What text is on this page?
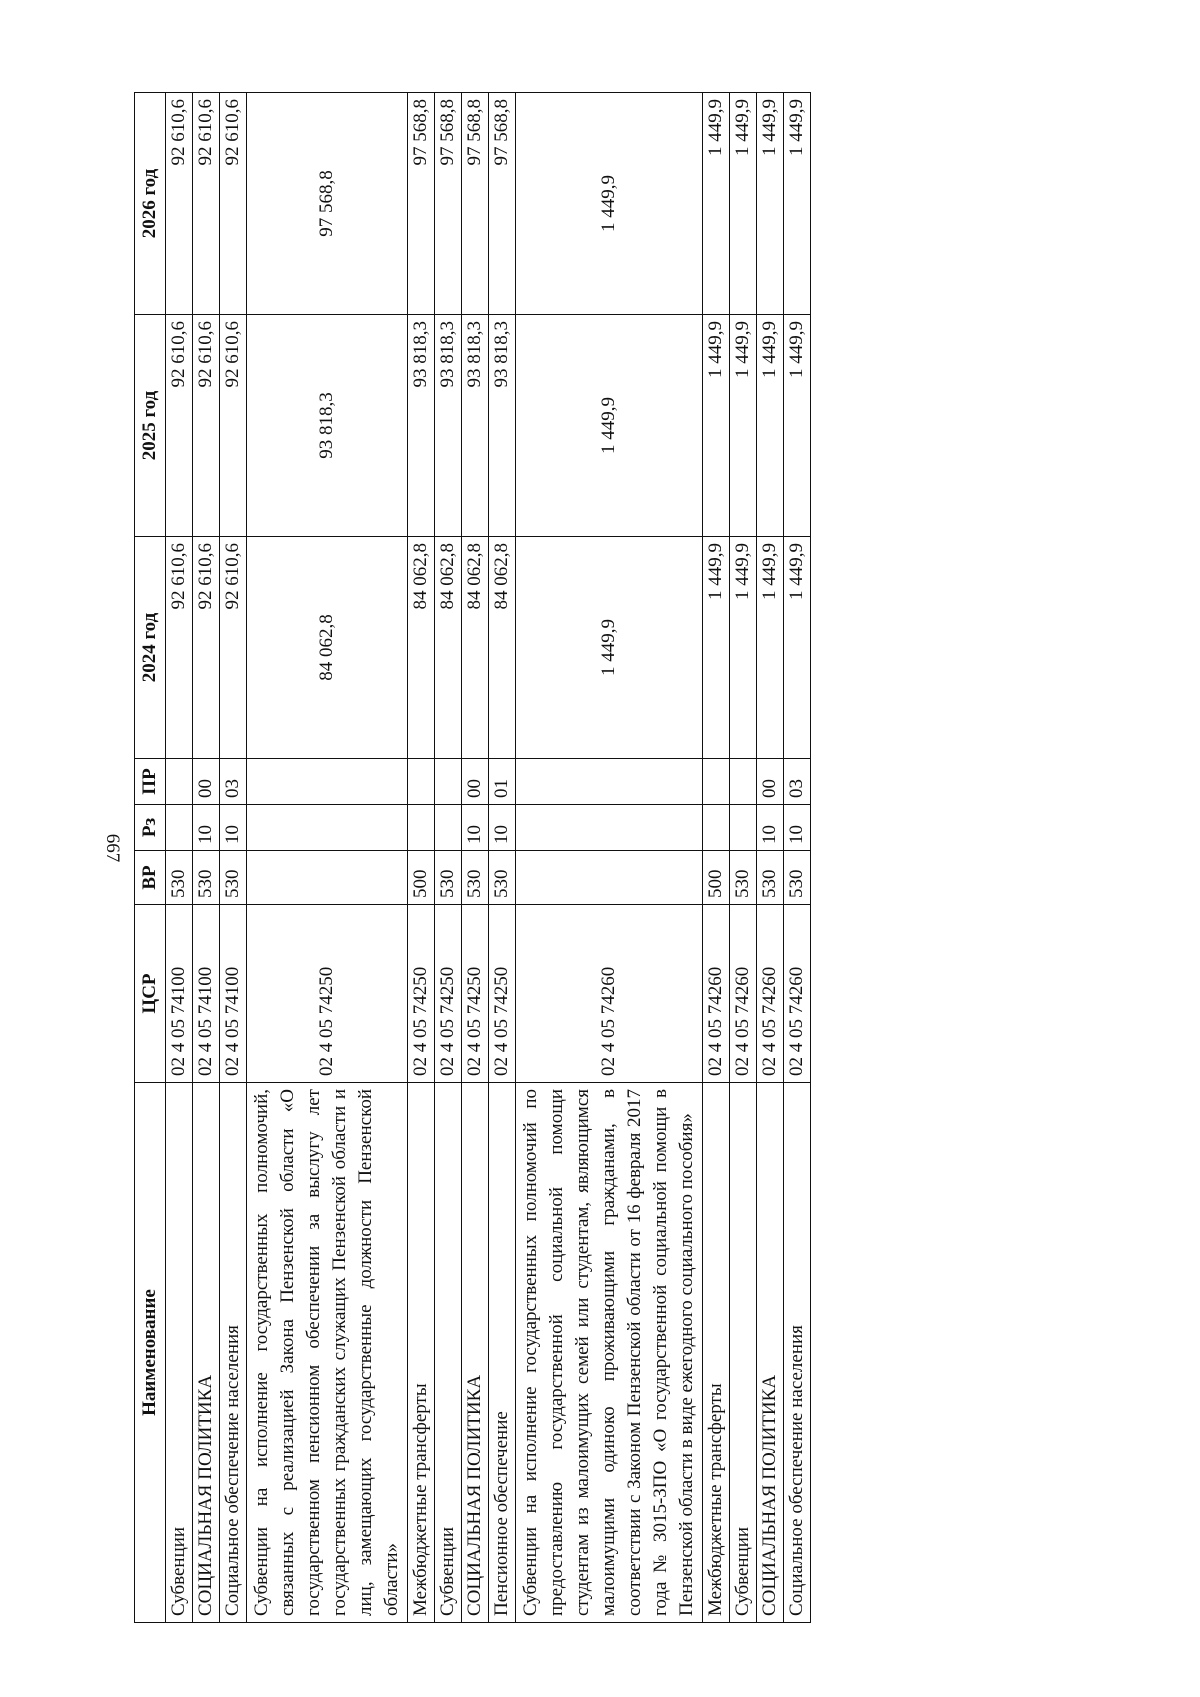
667
Наименование	ЦСР	ВР	Рз	ПР	2024 год	2025 год	2026 год
Субвенции	02 4 05 74100	530			92 610,6	92 610,6	92 610,6
СОЦИАЛЬНАЯ ПОЛИТИКА	02 4 05 74100	530	10	00	92 610,6	92 610,6	92 610,6
Социальное обеспечение населения	02 4 05 74100	530	10	03	92 610,6	92 610,6	92 610,6
Субвенции на исполнение государственных полномочий, связанных с реализацией Закона Пензенской области «О государственном пенсионном обеспечении за выслугу лет государственных гражданских служащих Пензенской области и лиц, замещающих государственные должности Пензенской области»	02 4 05 74250				84 062,8	93 818,3	97 568,8
Межбюджетные трансферты	02 4 05 74250	500			84 062,8	93 818,3	97 568,8
Субвенции	02 4 05 74250	530			84 062,8	93 818,3	97 568,8
СОЦИАЛЬНАЯ ПОЛИТИКА	02 4 05 74250	530	10	00	84 062,8	93 818,3	97 568,8
Пенсионное обеспечение	02 4 05 74250	530	10	01	84 062,8	93 818,3	97 568,8
Субвенции на исполнение государственных полномочий по предоставлению государственной социальной помощи студентам из малоимущих семей или студентам, являющимся малоимущими одиноко проживающими гражданами, в соответствии с Законом Пензенской области от 16 февраля 2017 года № 3015-ЗПО «О государственной социальной помощи в Пензенской области в виде ежегодного социального пособия»	02 4 05 74260				1 449,9	1 449,9	1 449,9
Межбюджетные трансферты	02 4 05 74260	500			1 449,9	1 449,9	1 449,9
Субвенции	02 4 05 74260	530			1 449,9	1 449,9	1 449,9
СОЦИАЛЬНАЯ ПОЛИТИКА	02 4 05 74260	530	10	00	1 449,9	1 449,9	1 449,9
Социальное обеспечение населения	02 4 05 74260	530	10	03	1 449,9	1 449,9	1 449,9
